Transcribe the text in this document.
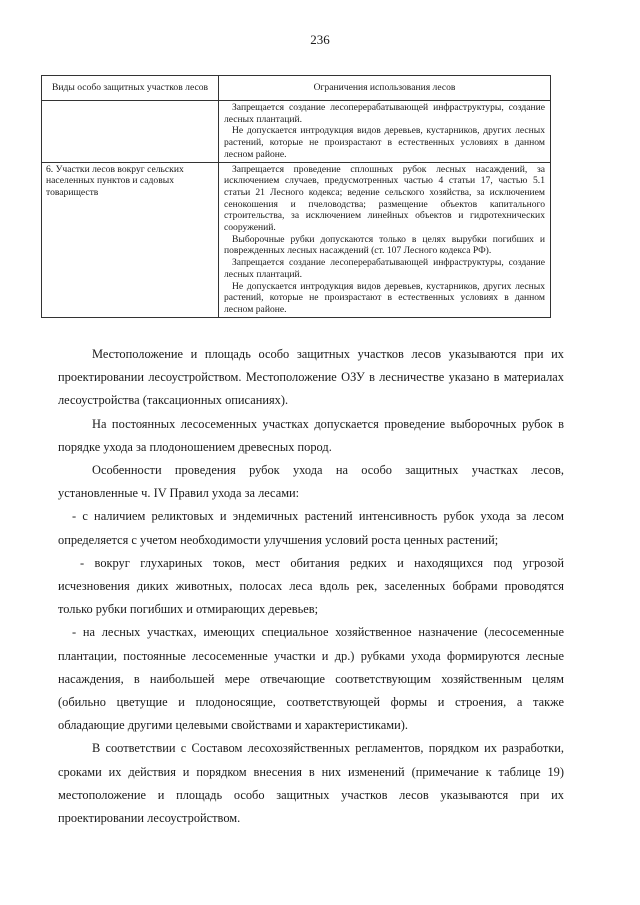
236
Виды особо защитных участков лесов	Ограничения использования лесов

	Запрещается создание лесоперерабатывающей инфраструктуры, создание лесных плантаций.

Не допускается интродукция видов деревьев, кустарников, других лесных растений, которые не произрастают в естественных условиях в данном лесном районе.

6. Участки лесов вокруг сельских населенных пунктов и садовых товариществ	Запрещается проведение сплошных рубок лесных насаждений, за исключением случаев, предусмотренных частью 4 статьи 17, частью 5.1 статьи 21 Лесного кодекса; ведение сельского хозяйства, за исключением сенокошения и пчеловодства; размещение объектов капитального строительства, за исключением линейных объектов и гидротехнических сооружений.

Выборочные рубки допускаются только в целях вырубки погибших и поврежденных лесных насаждений (ст. 107 Лесного кодекса РФ).

Запрещается создание лесоперерабатывающей инфраструктуры, создание лесных плантаций.

Не допускается интродукция видов деревьев, кустарников, других лесных растений, которые не произрастают в естественных условиях в данном лесном районе.

Местоположение и площадь особо защитных участков лесов указываются при их проектировании лесоустройством. Местоположение ОЗУ в лесничестве указано в материалах лесоустройства (таксационных описаниях).

На постоянных лесосеменных участках допускается проведение выборочных рубок в порядке ухода за плодоношением древесных пород.

Особенности проведения рубок ухода на особо защитных участках лесов, установленные ч. IV Правил ухода за лесами:

- с наличием реликтовых и эндемичных растений интенсивность рубок ухода за лесом определяется с учетом необходимости улучшения условий роста ценных растений;

- вокруг глухариных токов, мест обитания редких и находящихся под угрозой исчезновения диких животных, полосах леса вдоль рек, заселенных бобрами проводятся только рубки погибших и отмирающих деревьев;

- на лесных участках, имеющих специальное хозяйственное назначение (лесосеменные плантации, постоянные лесосеменные участки и др.) рубками ухода формируются лесные насаждения, в наибольшей мере отвечающие соответствующим хозяйственным целям (обильно цветущие и плодоносящие, соответствующей формы и строения, а также обладающие другими целевыми свойствами и характеристиками).

В соответствии с Составом лесохозяйственных регламентов, порядком их разработки, сроками их действия и порядком внесения в них изменений (примечание к таблице 19) местоположение и площадь особо защитных участков лесов указываются при их проектировании лесоустройством.
